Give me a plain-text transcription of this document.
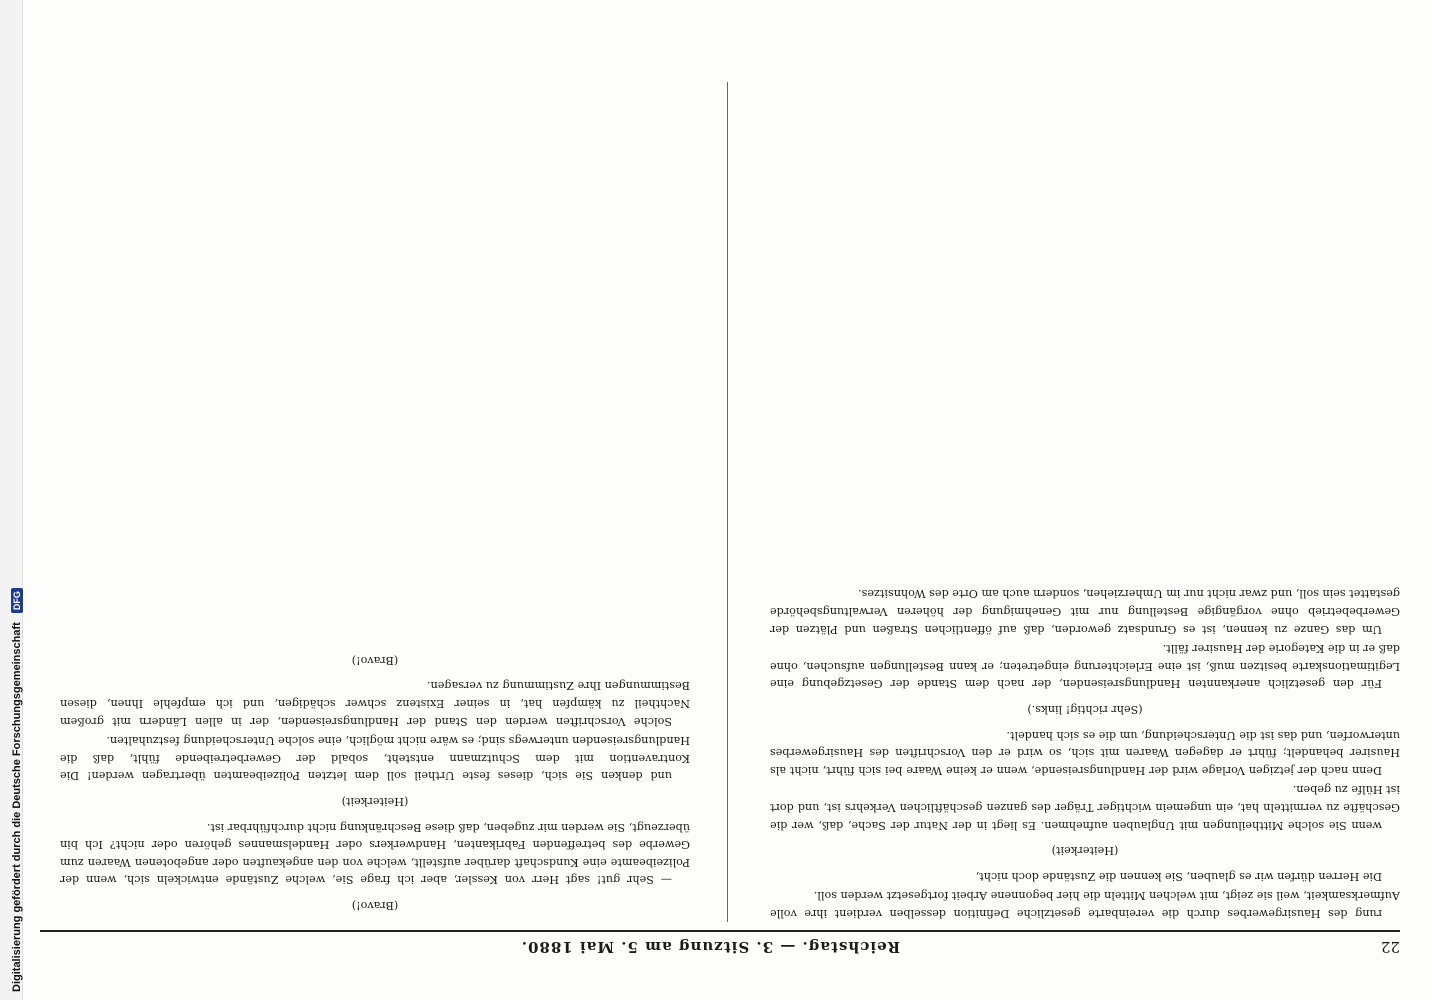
Digitalisierung gefördert durch die Deutsche Forschungsgemeinschaft DFG
22
Reichstag. — 3. Sitzung am 5. Mai 1880.

rung des Hausirgewerbes durch die vereinbarte gesetzliche Definition desselben verdient ihre volle Aufmerksamkeit, weil sie zeigt, mit welchen Mitteln die hier begonnene Arbeit fortgesetzt werden soll.

Die Herren dürfen wir es glauben, Sie kennen die Zustände doch nicht,

(Heiterkeit)

wenn Sie solche Mittheilungen mit Unglauben aufnehmen. Es liegt in der Natur der Sache, daß, wer die Geschäfte zu vermitteln hat, ein ungemein wichtiger Träger des ganzen geschäftlichen Verkehrs ist, und dort ist Hülfe zu geben.

Denn nach der jetzigen Vorlage wird der Handlungsreisende, wenn er keine Waare bei sich führt, nicht als Hausirer behandelt; führt er dagegen Waaren mit sich, so wird er den Vorschriften des Hausirgewerbes unterworfen, und das ist die Unterscheidung, um die es sich handelt.

(Sehr richtig! links.)

Für den gesetzlich anerkannten Handlungsreisenden, der nach dem Stande der Gesetzgebung eine Legitimationskarte besitzen muß, ist eine Erleichterung eingetreten; er kann Bestellungen aufsuchen, ohne daß er in die Kategorie der Hausirer fällt.

Um das Ganze zu kennen, ist es Grundsatz geworden, daß auf öffentlichen Straßen und Plätzen der Gewerbebetrieb ohne vorgängige Bestellung nur mit Genehmigung der höheren Verwaltungsbehörde gestattet sein soll, und zwar nicht nur im Umherziehen, sondern auch am Orte des Wohnsitzes.

(Bravo!)

— Sehr gut! sagt Herr von Kessler, aber ich frage Sie, welche Zustände entwickeln sich, wenn der Polizeibeamte eine Kundschaft darüber aufstellt, welche von den angekauften oder angebotenen Waaren zum Gewerbe des betreffenden Fabrikanten, Handwerkers oder Handelsmannes gehören oder nicht? Ich bin überzeugt, Sie werden mir zugeben, daß diese Beschränkung nicht durchführbar ist.

(Heiterkeit)

und denken Sie sich, dieses feste Urtheil soll dem letzten Polizeibeamten übertragen werden! Die Kontravention mit dem Schutzmann entsteht, sobald der Gewerbetreibende fühlt, daß die Handlungsreisenden unterwegs sind; es wäre nicht möglich, eine solche Unterscheidung festzuhalten.

Solche Vorschriften werden den Stand der Handlungsreisenden, der in allen Ländern mit großem Nachtheil zu kämpfen hat, in seiner Existenz schwer schädigen, und ich empfehle Ihnen, diesen Bestimmungen Ihre Zustimmung zu versagen.

(Bravo!)
